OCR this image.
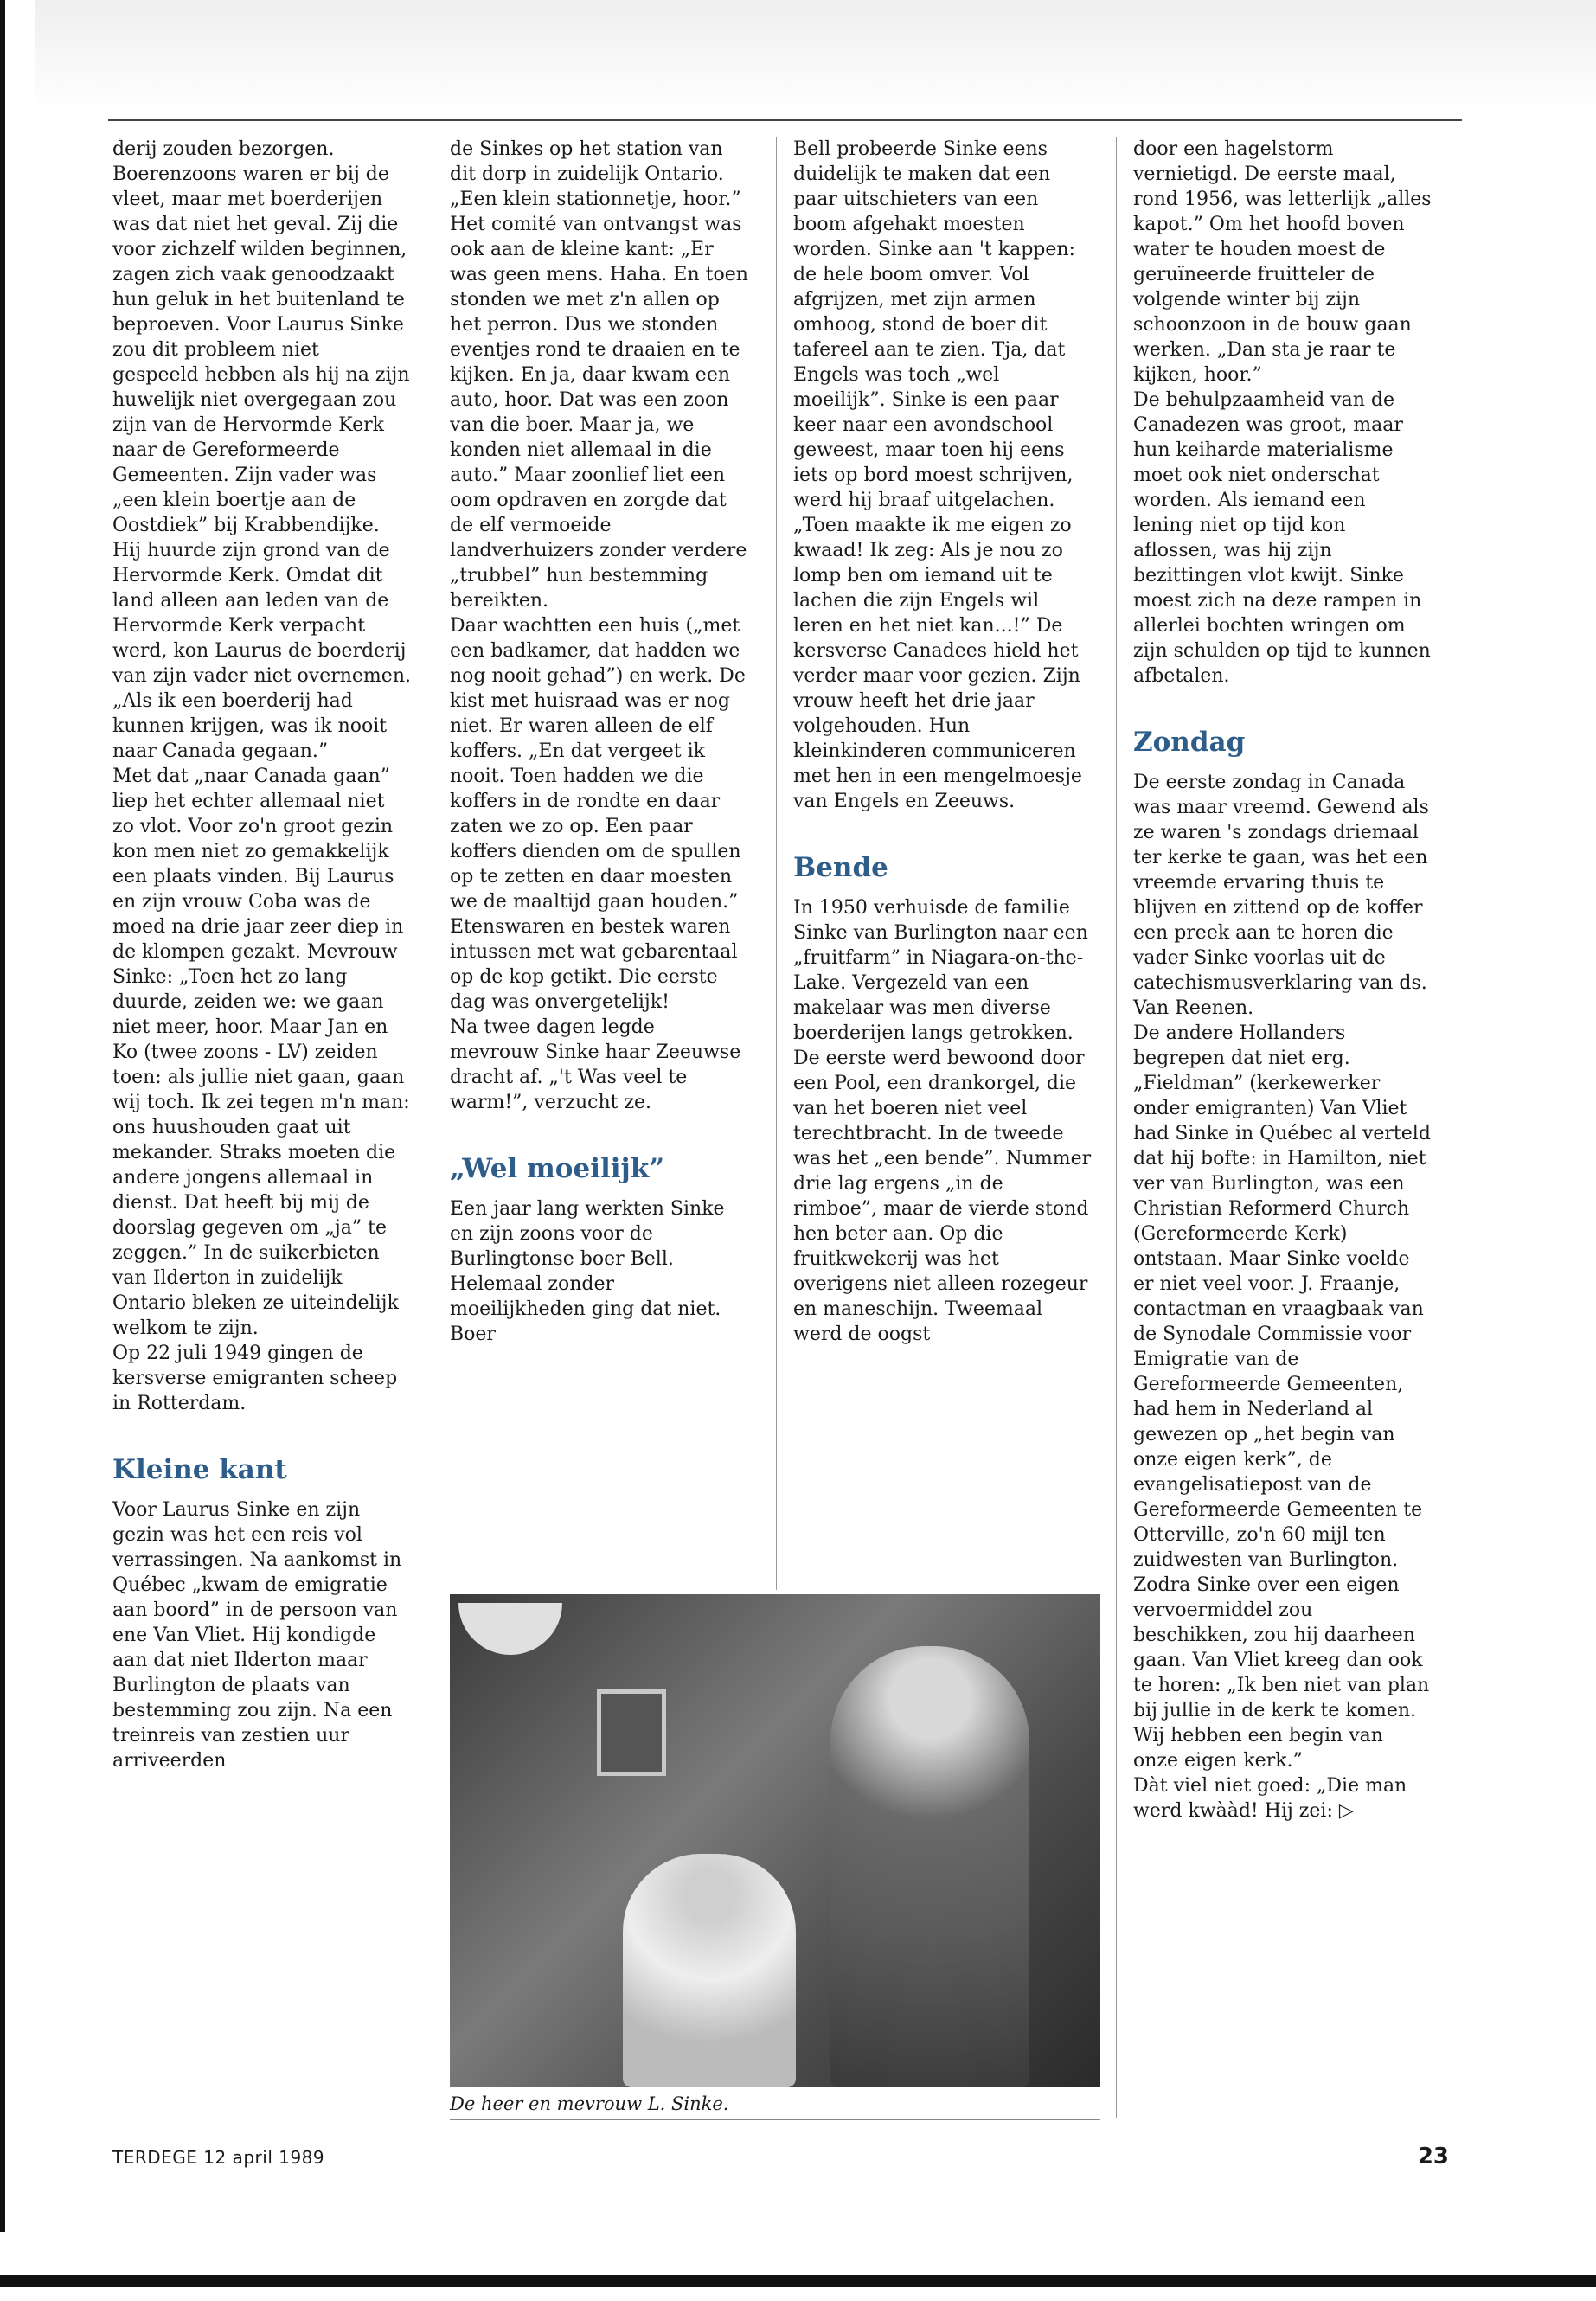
derij zouden bezorgen.
Boerenzoons waren er bij de vleet, maar met boerderijen was dat niet het geval. Zij die voor zichzelf wilden beginnen, zagen zich vaak genoodzaakt hun geluk in het buitenland te beproeven. Voor Laurus Sinke zou dit probleem niet gespeeld hebben als hij na zijn huwelijk niet overgegaan zou zijn van de Hervormde Kerk naar de Gereformeerde Gemeenten. Zijn vader was „een klein boertje aan de Oostdiek” bij Krabbendijke. Hij huurde zijn grond van de Hervormde Kerk. Omdat dit land alleen aan leden van de Hervormde Kerk verpacht werd, kon Laurus de boerderij van zijn vader niet overnemen. „Als ik een boerderij had kunnen krijgen, was ik nooit naar Canada gegaan.”
Met dat „naar Canada gaan” liep het echter allemaal niet zo vlot. Voor zo'n groot gezin kon men niet zo gemakkelijk een plaats vinden. Bij Laurus en zijn vrouw Coba was de moed na drie jaar zeer diep in de klompen gezakt. Mevrouw Sinke: „Toen het zo lang duurde, zeiden we: we gaan niet meer, hoor. Maar Jan en Ko (twee zoons - LV) zeiden toen: als jullie niet gaan, gaan wij toch. Ik zei tegen m'n man: ons huushouden gaat uit mekander. Straks moeten die andere jongens allemaal in dienst. Dat heeft bij mij de doorslag gegeven om „ja” te zeggen.” In de suikerbieten van Ilderton in zuidelijk Ontario bleken ze uiteindelijk welkom te zijn.
Op 22 juli 1949 gingen de kersverse emigranten scheep in Rotterdam.

Kleine kant

Voor Laurus Sinke en zijn gezin was het een reis vol verrassingen. Na aankomst in Québec „kwam de emigratie aan boord” in de persoon van ene Van Vliet. Hij kondigde aan dat niet Ilderton maar Burlington de plaats van bestemming zou zijn. Na een treinreis van zestien uur arriveerden

de Sinkes op het station van dit dorp in zuidelijk Ontario. „Een klein stationnetje, hoor.”
Het comité van ontvangst was ook aan de kleine kant: „Er was geen mens. Haha. En toen stonden we met z'n allen op het perron. Dus we stonden eventjes rond te draaien en te kijken. En ja, daar kwam een auto, hoor. Dat was een zoon van die boer. Maar ja, we konden niet allemaal in die auto.” Maar zoonlief liet een oom opdraven en zorgde dat de elf vermoeide landverhuizers zonder verdere „trubbel” hun bestemming bereikten.
Daar wachtten een huis („met een badkamer, dat hadden we nog nooit gehad”) en werk. De kist met huisraad was er nog niet. Er waren alleen de elf koffers. „En dat vergeet ik nooit. Toen hadden we die koffers in de rondte en daar zaten we zo op. Een paar koffers dienden om de spullen op te zetten en daar moesten we de maaltijd gaan houden.” Etenswaren en bestek waren intussen met wat gebarentaal op de kop getikt. Die eerste dag was onvergetelijk!
Na twee dagen legde mevrouw Sinke haar Zeeuwse dracht af. „'t Was veel te warm!”, verzucht ze.

„Wel moeilijk”

Een jaar lang werkten Sinke en zijn zoons voor de Burlingtonse boer Bell. Helemaal zonder moeilijkheden ging dat niet. Boer

Bell probeerde Sinke eens duidelijk te maken dat een paar uitschieters van een boom afgehakt moesten worden. Sinke aan 't kappen: de hele boom omver. Vol afgrijzen, met zijn armen omhoog, stond de boer dit tafereel aan te zien. Tja, dat Engels was toch „wel moeilijk”. Sinke is een paar keer naar een avondschool geweest, maar toen hij eens iets op bord moest schrijven, werd hij braaf uitgelachen. „Toen maakte ik me eigen zo kwaad! Ik zeg: Als je nou zo lomp ben om iemand uit te lachen die zijn Engels wil leren en het niet kan...!” De kersverse Canadees hield het verder maar voor gezien. Zijn vrouw heeft het drie jaar volgehouden. Hun kleinkinderen communiceren met hen in een mengelmoesje van Engels en Zeeuws.

Bende

In 1950 verhuisde de familie Sinke van Burlington naar een „fruitfarm” in Niagara-on-the-Lake. Vergezeld van een makelaar was men diverse boerderijen langs getrokken. De eerste werd bewoond door een Pool, een drankorgel, die van het boeren niet veel terechtbracht. In de tweede was het „een bende”. Nummer drie lag ergens „in de rimboe”, maar de vierde stond hen beter aan. Op die fruitkwekerij was het overigens niet alleen rozegeur en maneschijn. Tweemaal werd de oogst

door een hagelstorm vernietigd. De eerste maal, rond 1956, was letterlijk „alles kapot.” Om het hoofd boven water te houden moest de geruïneerde fruitteler de volgende winter bij zijn schoonzoon in de bouw gaan werken. „Dan sta je raar te kijken, hoor.”
De behulpzaamheid van de Canadezen was groot, maar hun keiharde materialisme moet ook niet onderschat worden. Als iemand een lening niet op tijd kon aflossen, was hij zijn bezittingen vlot kwijt. Sinke moest zich na deze rampen in allerlei bochten wringen om zijn schulden op tijd te kunnen afbetalen.

Zondag

De eerste zondag in Canada was maar vreemd. Gewend als ze waren 's zondags driemaal ter kerke te gaan, was het een vreemde ervaring thuis te blijven en zittend op de koffer een preek aan te horen die vader Sinke voorlas uit de catechismusverklaring van ds. Van Reenen.
De andere Hollanders begrepen dat niet erg. „Fieldman” (kerkewerker onder emigranten) Van Vliet had Sinke in Québec al verteld dat hij bofte: in Hamilton, niet ver van Burlington, was een Christian Reformerd Church (Gereformeerde Kerk) ontstaan. Maar Sinke voelde er niet veel voor. J. Fraanje, contactman en vraagbaak van de Synodale Commissie voor Emigratie van de Gereformeerde Gemeenten, had hem in Nederland al gewezen op „het begin van onze eigen kerk”, de evangelisatiepost van de Gereformeerde Gemeenten te Otterville, zo'n 60 mijl ten zuidwesten van Burlington. Zodra Sinke over een eigen vervoermiddel zou beschikken, zou hij daarheen gaan. Van Vliet kreeg dan ook te horen: „Ik ben niet van plan bij jullie in de kerk te komen. Wij hebben een begin van onze eigen kerk.”
Dàt viel niet goed: „Die man werd kwààd! Hij zei: ▷

De heer en mevrouw L. Sinke.
TERDEGE 12 april 1989	23
